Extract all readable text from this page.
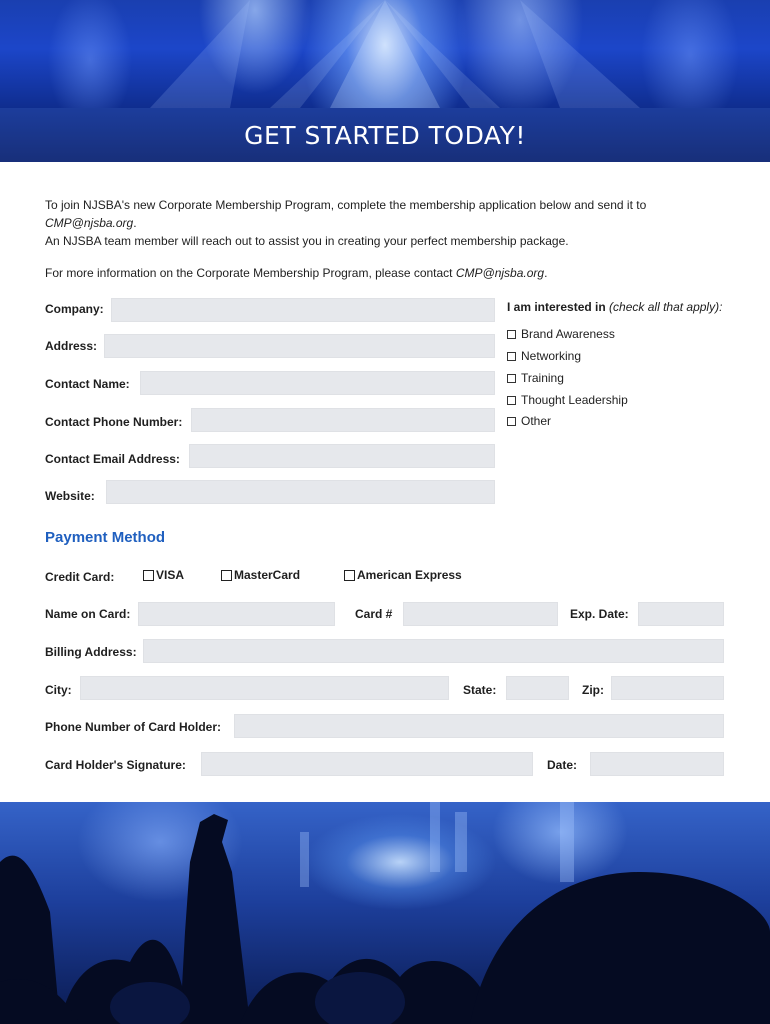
GET STARTED TODAY!

To join NJSBA's new Corporate Membership Program, complete the membership application below and send it to CMP@njsba.org.
An NJSBA team member will reach out to assist you in creating your perfect membership package.

For more information on the Corporate Membership Program, please contact CMP@njsba.org.

Company:
Address:
Contact Name:
Contact Phone Number:
Contact Email Address:
Website:
I am interested in (check all that apply):
Brand Awareness
Networking
Training
Thought Leadership
Other
Payment Method
Credit Card:	VISA	MasterCard	American Express
Name on Card:	Card #	Exp. Date:
Billing Address:
City:	State:	Zip:
Phone Number of Card Holder:
Card Holder's Signature:	Date:
